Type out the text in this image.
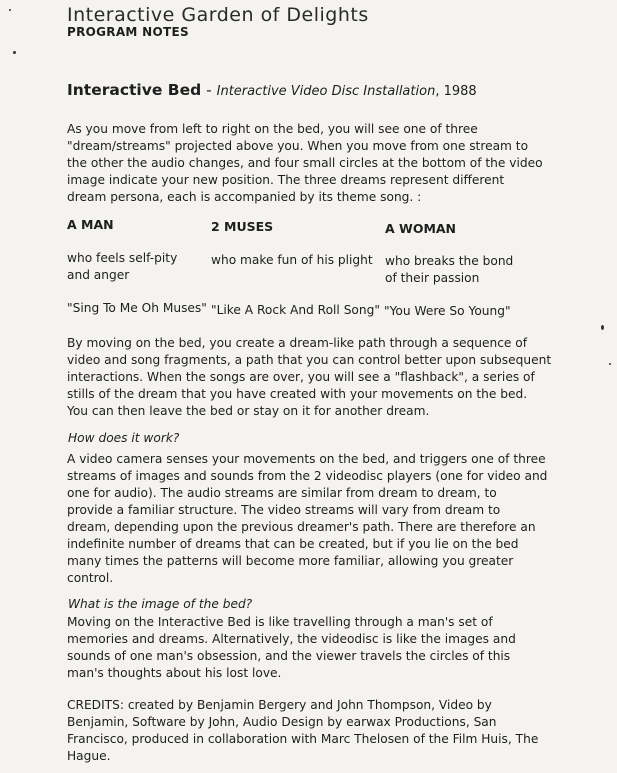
Interactive Garden of Delights
PROGRAM NOTES
Interactive Bed - Interactive Video Disc Installation, 1988

As you move from left to right on the bed, you will see one of three
"dream/streams" projected above you. When you move from one stream to
the other the audio changes, and four small circles at the bottom of the video
image indicate your new position. The three dreams represent different
dream persona, each is accompanied by its theme song. :

A MAN	2 MUSES	A WOMAN
who feels self-pity
and anger
who make fun of his plight who breaks the bond
of their passion
"Sing To Me Oh Muses" "Like A Rock And Roll Song" "You Were So Young"

By moving on the bed, you create a dream-like path through a sequence of
video and song fragments, a path that you can control better upon subsequent
interactions. When the songs are over, you will see a "flashback", a series of
stills of the dream that you have created with your movements on the bed.
You can then leave the bed or stay on it for another dream.

How does it work?

A video camera senses your movements on the bed, and triggers one of three
streams of images and sounds from the 2 videodisc players (one for video and
one for audio). The audio streams are similar from dream to dream, to
provide a familiar structure. The video streams will vary from dream to
dream, depending upon the previous dreamer's path. There are therefore an
indefinite number of dreams that can be created, but if you lie on the bed
many times the patterns will become more familiar, allowing you greater
control.

What is the image of the bed?

Moving on the Interactive Bed is like travelling through a man's set of
memories and dreams. Alternatively, the videodisc is like the images and
sounds of one man's obsession, and the viewer travels the circles of this
man's thoughts about his lost love.

CREDITS: created by Benjamin Bergery and John Thompson, Video by
Benjamin, Software by John, Audio Design by earwax Productions, San
Francisco, produced in collaboration with Marc Thelosen of the Film Huis, The
Hague.
